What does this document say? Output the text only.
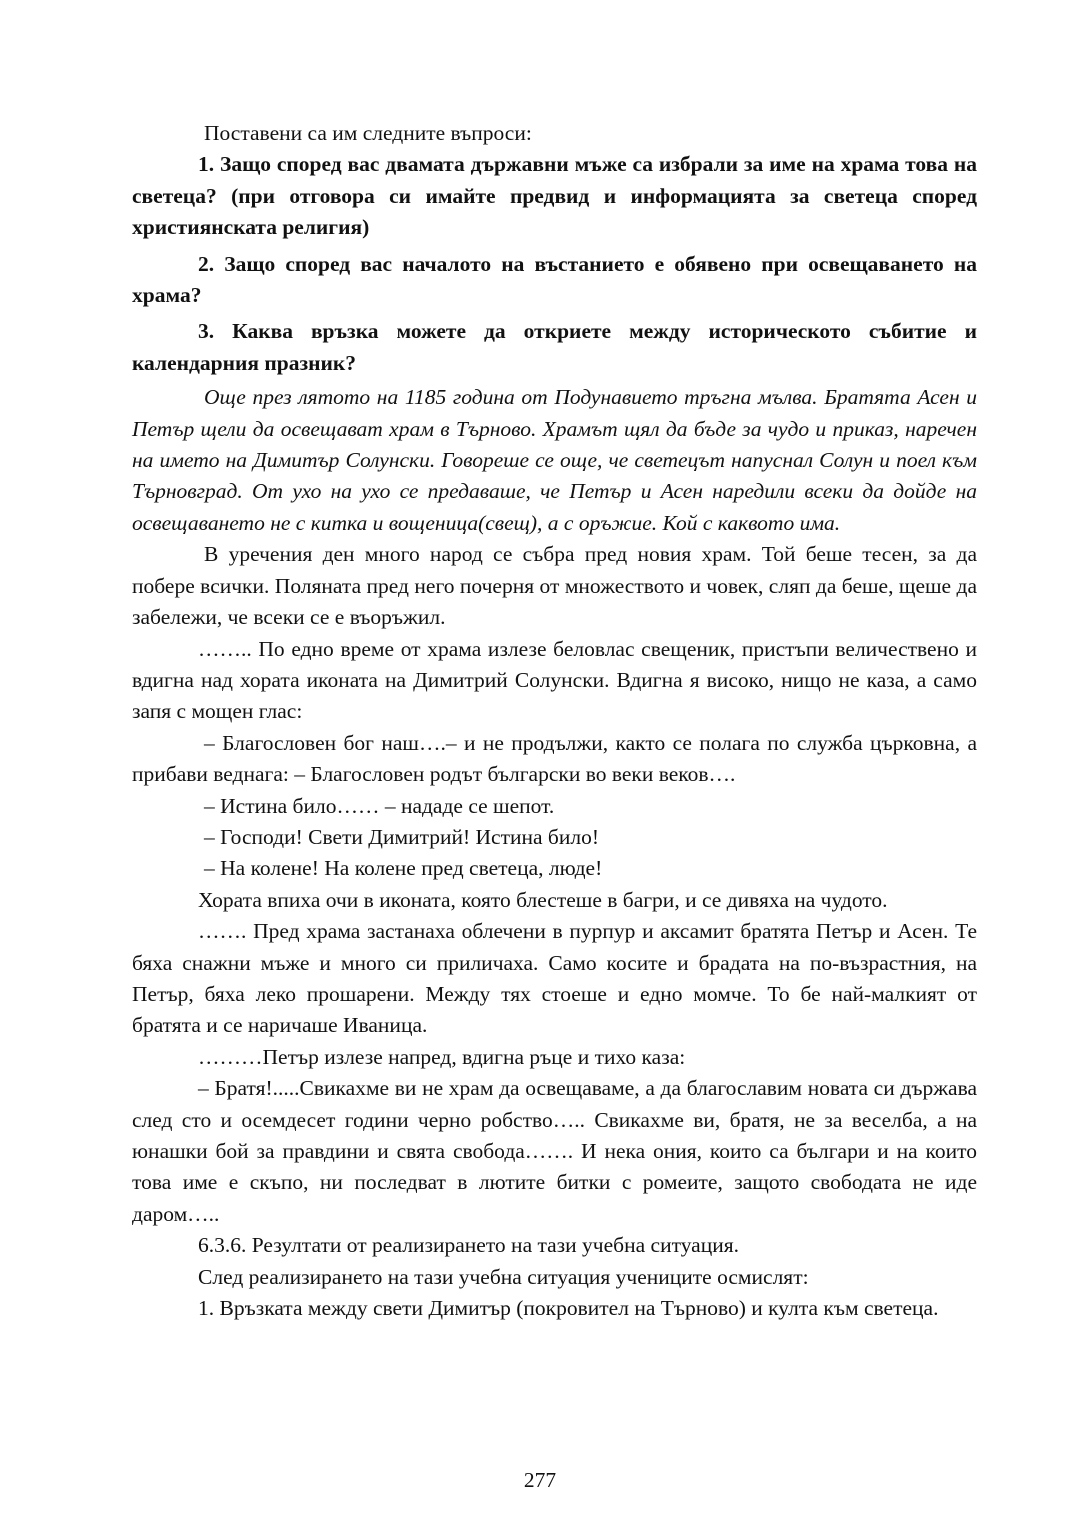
Поставени са им следните въпроси:

1. Защо според вас двамата държавни мъже са избрали за име на храма това на светеца? (при отговора си имайте предвид и информацията за светеца според християнската религия)

2. Защо според вас началото на въстанието е обявено при освещаването на храма?

3. Каква връзка можете да откриете между историческото събитие и календарния празник?

Още през лятото на 1185 година от Подунавието тръгна мълва. Братята Асен и Петър щели да освещават храм в Търново. Храмът щял да бъде за чудо и приказ, наречен на името на Димитър Солунски. Говореше се още, че светецът напуснал Солун и поел към Търновград. От ухо на ухо се предаваше, че Петър и Асен наредили всеки да дойде на освещаването не с китка и вощеница(свещ), а с оръжие. Кой с каквото има.

В уречения ден много народ се събра пред новия храм. Той беше тесен, за да побере всички. Поляната пред него почерня от множеството и човек, сляп да беше, щеше да забележи, че всеки се е въоръжил.

…….. По едно време от храма излезе беловлас свещеник, пристъпи величествено и вдигна над хората иконата на Димитрий Солунски. Вдигна я високо, нищо не каза, а само запя с мощен глас:

– Благословен бог наш….– и не продължи, както се полага по служба църковна, а прибави веднага: – Благословен родът български во веки веков….

– Истина било…… – нададе се шепот.

– Господи! Свети Димитрий! Истина било!

– На колене! На колене пред светеца, люде!

Хората впиха очи в иконата, която блестеше в багри, и се дивяха на чудото.

……. Пред храма застанаха облечени в пурпур и аксамит братята Петър и Асен. Те бяха снажни мъже и много си приличаха. Само косите и брадата на по-възрастния, на Петър, бяха леко прошарени. Между тях стоеше и едно момче. То бе най-малкият от братята и се наричаше Иваница.

………Петър излезе напред, вдигна ръце и тихо каза:

– Братя!.....Свикахме ви не храм да освещаваме, а да благославим новата си държава след сто и осемдесет години черно робство….. Свикахме ви, братя, не за веселба, а на юнашки бой за правдини и свята свобода……. И нека ония, които са българи и на които това име е скъпо, ни последват в лютите битки с ромеите, защото свободата не иде даром…..

6.3.6. Резултати от реализирането на тази учебна ситуация.

След реализирането на тази учебна ситуация учениците осмислят:

1. Връзката между свети Димитър (покровител на Търново) и култа към светеца.

277
